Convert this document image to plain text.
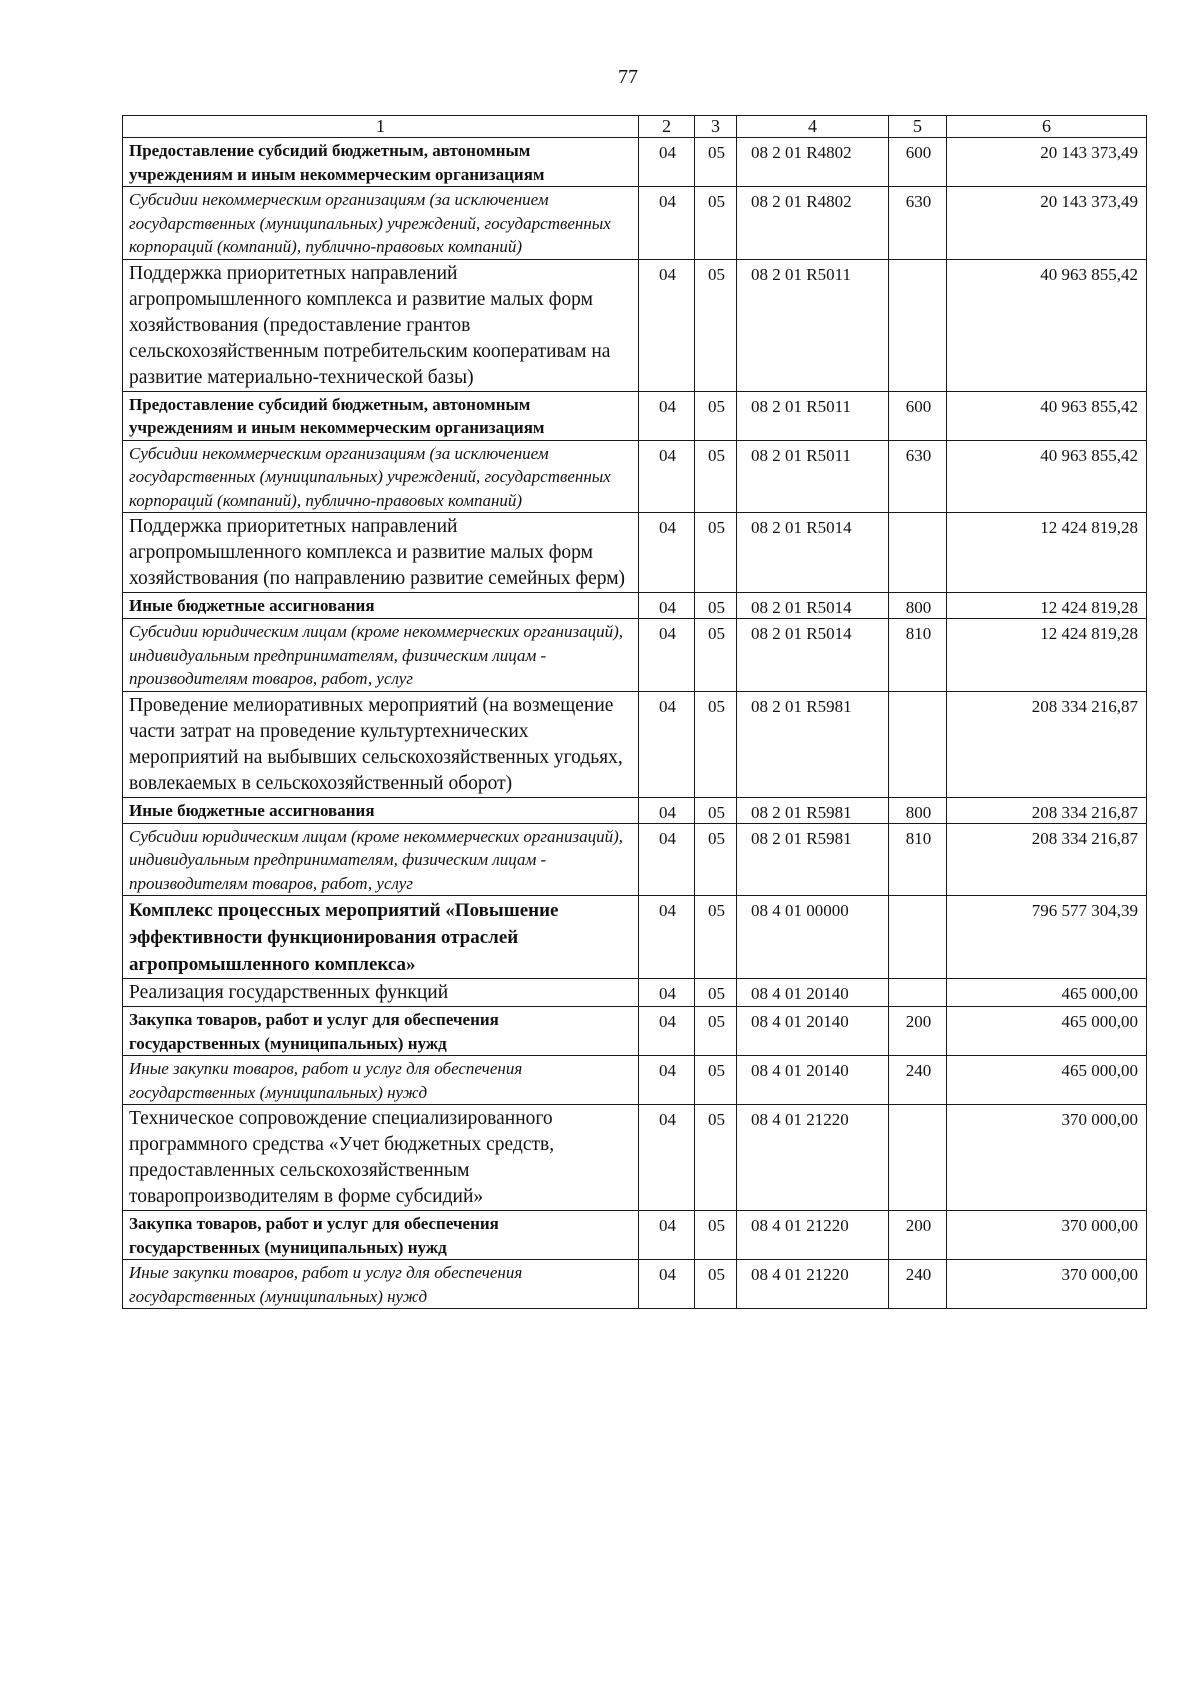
77
1	2	3	4	5	6
Предоставление субсидий бюджетным, автономным учреждениям и иным некоммерческим организациям	04	05	08 2 01 R4802	600	20 143 373,49
Субсидии некоммерческим организациям (за исключением государственных (муниципальных) учреждений, государственных корпораций (компаний), публично-правовых компаний)	04	05	08 2 01 R4802	630	20 143 373,49
Поддержка приоритетных направлений агропромышленного комплекса и развитие малых форм хозяйствования (предоставление грантов сельскохозяйственным потребительским кооперативам на развитие материально-технической базы)	04	05	08 2 01 R5011		40 963 855,42
Предоставление субсидий бюджетным, автономным учреждениям и иным некоммерческим организациям	04	05	08 2 01 R5011	600	40 963 855,42
Субсидии некоммерческим организациям (за исключением государственных (муниципальных) учреждений, государственных корпораций (компаний), публично-правовых компаний)	04	05	08 2 01 R5011	630	40 963 855,42
Поддержка приоритетных направлений агропромышленного комплекса и развитие малых форм хозяйствования (по направлению развитие семейных ферм)	04	05	08 2 01 R5014		12 424 819,28
Иные бюджетные ассигнования	04	05	08 2 01 R5014	800	12 424 819,28
Субсидии юридическим лицам (кроме некоммерческих организаций), индивидуальным предпринимателям, физическим лицам - производителям товаров, работ, услуг	04	05	08 2 01 R5014	810	12 424 819,28
Проведение мелиоративных мероприятий (на возмещение части затрат на проведение культуртехнических мероприятий на выбывших сельскохозяйственных угодьях, вовлекаемых в сельскохозяйственный оборот)	04	05	08 2 01 R5981		208 334 216,87
Иные бюджетные ассигнования	04	05	08 2 01 R5981	800	208 334 216,87
Субсидии юридическим лицам (кроме некоммерческих организаций), индивидуальным предпринимателям, физическим лицам - производителям товаров, работ, услуг	04	05	08 2 01 R5981	810	208 334 216,87
Комплекс процессных мероприятий «Повышение эффективности функционирования отраслей агропромышленного комплекса»	04	05	08 4 01 00000		796 577 304,39
Реализация государственных функций	04	05	08 4 01 20140		465 000,00
Закупка товаров, работ и услуг для обеспечения государственных (муниципальных) нужд	04	05	08 4 01 20140	200	465 000,00
Иные закупки товаров, работ и услуг для обеспечения государственных (муниципальных) нужд	04	05	08 4 01 20140	240	465 000,00
Техническое сопровождение специализированного программного средства «Учет бюджетных средств, предоставленных сельскохозяйственным товаропроизводителям в форме субсидий»	04	05	08 4 01 21220		370 000,00
Закупка товаров, работ и услуг для обеспечения государственных (муниципальных) нужд	04	05	08 4 01 21220	200	370 000,00
Иные закупки товаров, работ и услуг для обеспечения государственных (муниципальных) нужд	04	05	08 4 01 21220	240	370 000,00
